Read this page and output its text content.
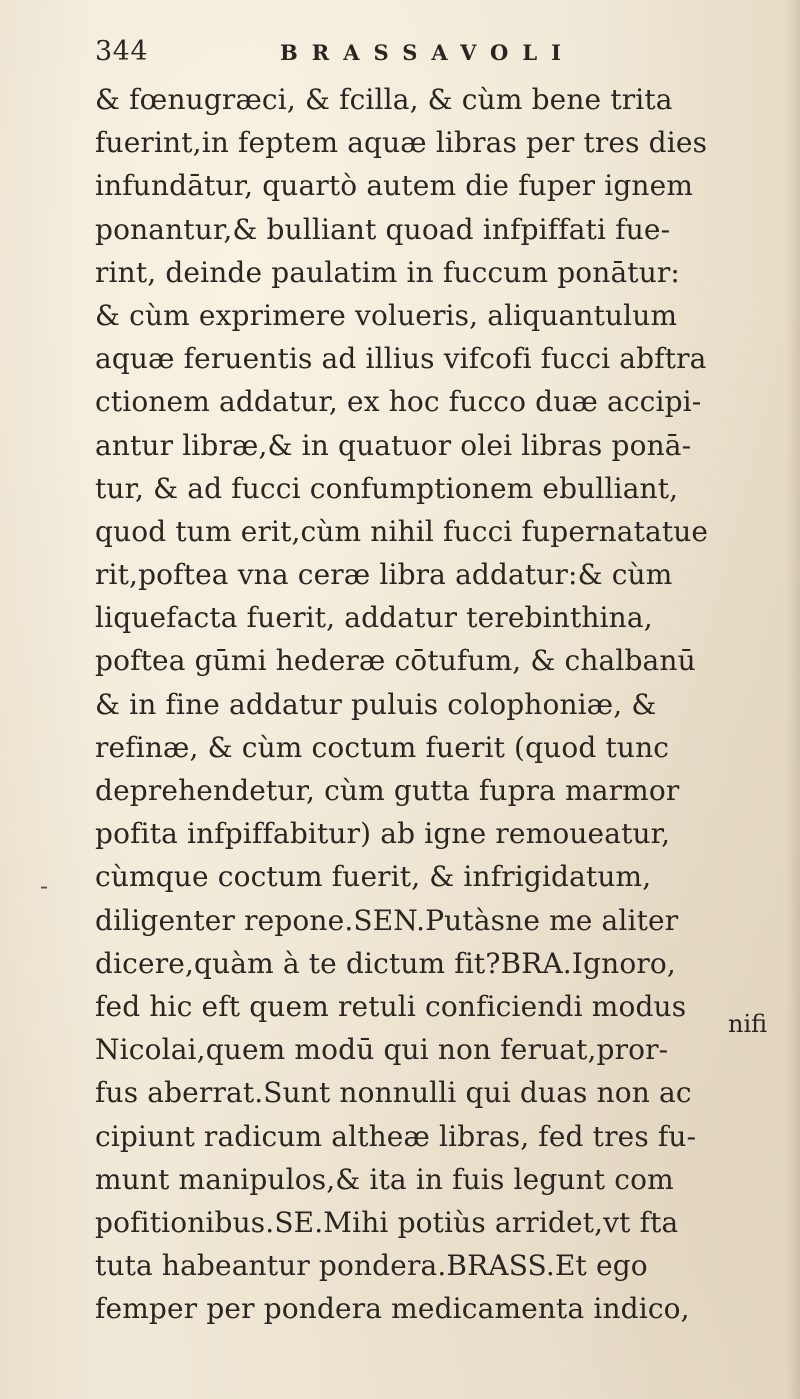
344	BRASSAVOLI
-
& fœnugræci, & fcilla, & cùm bene trita
fuerint,in feptem aquæ libras per tres dies
infundātur, quartò autem die fuper ignem
ponantur,& bulliant quoad infpiffati fue-
rint, deinde paulatim in fuccum ponātur:
& cùm exprimere volueris, aliquantulum
aquæ feruentis ad illius vifcofi fucci abftra
ctionem addatur, ex hoc fucco duæ accipi-
antur libræ,& in quatuor olei libras ponā-
tur, & ad fucci confumptionem ebulliant,
quod tum erit,cùm nihil fucci fupernatatue
rit,poftea vna ceræ libra addatur:& cùm
liquefacta fuerit, addatur terebinthina,
poftea gūmi hederæ cōtufum, & chalbanū
& in fine addatur puluis colophoniæ, &
refinæ, & cùm coctum fuerit (quod tunc
deprehendetur, cùm gutta fupra marmor
pofita infpiffabitur) ab igne remoueatur,
cùmque coctum fuerit, & infrigidatum,
diligenter repone.SEN.Putàsne me aliter
dicere,quàm à te dictum fit?BRA.Ignoro,
fed hic eft quem retuli conficiendi modus
Nicolai,quem modū qui non feruat,pror-
fus aberrat.Sunt nonnulli qui duas non ac
cipiunt radicum altheæ libras, fed tres fu-
munt manipulos,& ita in fuis legunt com
pofitionibus.SE.Mihi potiùs arridet,vt fta
tuta habeantur pondera.BRASS.Et ego
femper per pondera medicamenta indico,
nifi
